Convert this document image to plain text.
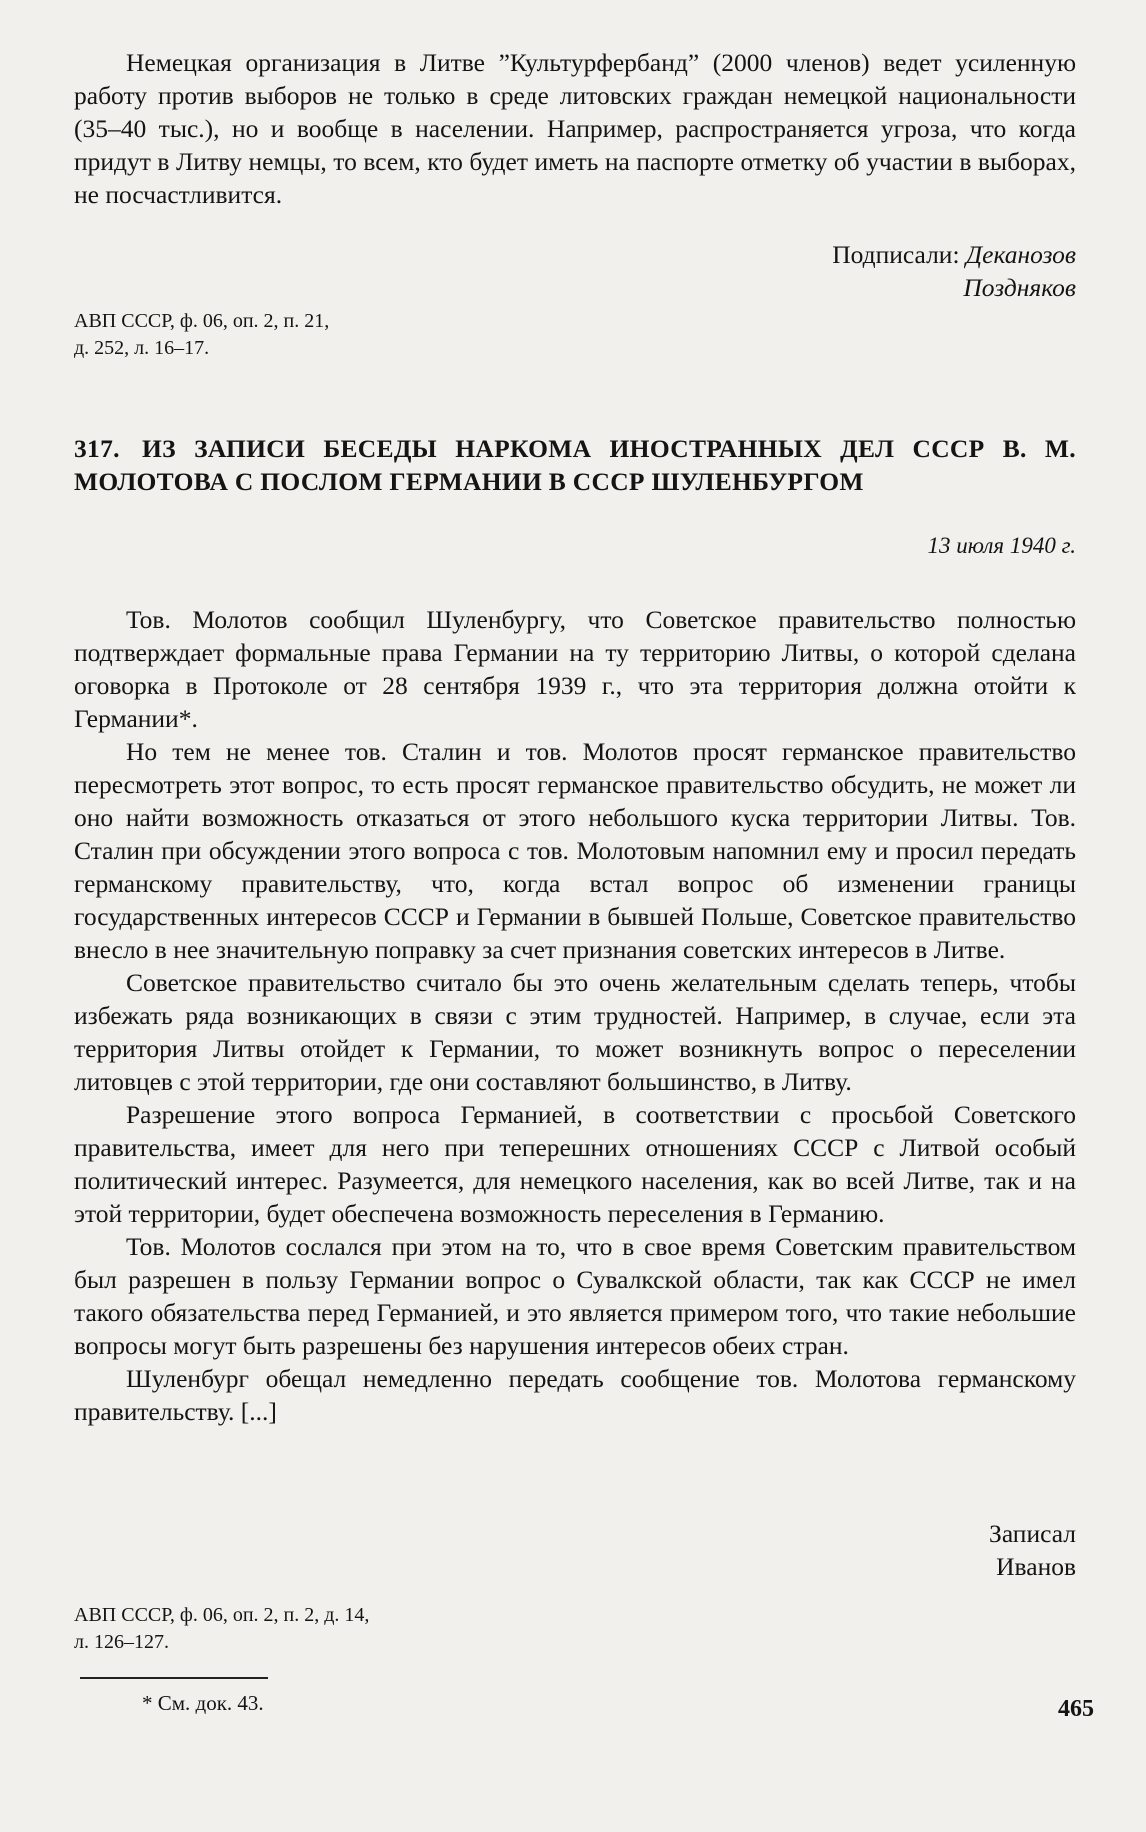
Немецкая организация в Литве ”Культурфербанд” (2000 членов) ведет усиленную работу против выборов не только в среде литовских граждан немецкой национальности (35–40 тыс.), но и вообще в населении. Например, распространяется угроза, что когда придут в Литву немцы, то всем, кто будет иметь на паспорте отметку об участии в выборах, не посчастливится.

Подписали: Деканозов
Поздняков
АВП СССР, ф. 06, оп. 2, п. 21,
д. 252, л. 16–17.
317. ИЗ ЗАПИСИ БЕСЕДЫ НАРКОМА ИНОСТРАННЫХ ДЕЛ СССР В. М. МОЛОТОВА С ПОСЛОМ ГЕРМАНИИ В СССР ШУЛЕНБУРГОМ
13 июля 1940 г.

Тов. Молотов сообщил Шуленбургу, что Советское правительство полностью подтверждает формальные права Германии на ту территорию Литвы, о которой сделана оговорка в Протоколе от 28 сентября 1939 г., что эта территория должна отойти к Германии*.

Но тем не менее тов. Сталин и тов. Молотов просят германское правительство пересмотреть этот вопрос, то есть просят германское правительство обсудить, не может ли оно найти возможность отказаться от этого небольшого куска территории Литвы. Тов. Сталин при обсуждении этого вопроса с тов. Молотовым напомнил ему и просил передать германскому правительству, что, когда встал вопрос об изменении границы государственных интересов СССР и Германии в бывшей Польше, Советское правительство внесло в нее значительную поправку за счет признания советских интересов в Литве.

Советское правительство считало бы это очень желательным сделать теперь, чтобы избежать ряда возникающих в связи с этим трудностей. Например, в случае, если эта территория Литвы отойдет к Германии, то может возникнуть вопрос о переселении литовцев с этой территории, где они составляют большинство, в Литву.

Разрешение этого вопроса Германией, в соответствии с просьбой Советского правительства, имеет для него при теперешних отношениях СССР с Литвой особый политический интерес. Разумеется, для немецкого населения, как во всей Литве, так и на этой территории, будет обеспечена возможность переселения в Германию.

Тов. Молотов сослался при этом на то, что в свое время Советским правительством был разрешен в пользу Германии вопрос о Сувалкской области, так как СССР не имел такого обязательства перед Германией, и это является примером того, что такие небольшие вопросы могут быть разрешены без нарушения интересов обеих стран.

Шуленбург обещал немедленно передать сообщение тов. Молотова германскому правительству. [...]

Записал
Иванов
АВП СССР, ф. 06, оп. 2, п. 2, д. 14,
л. 126–127.
* См. док. 43.	465
